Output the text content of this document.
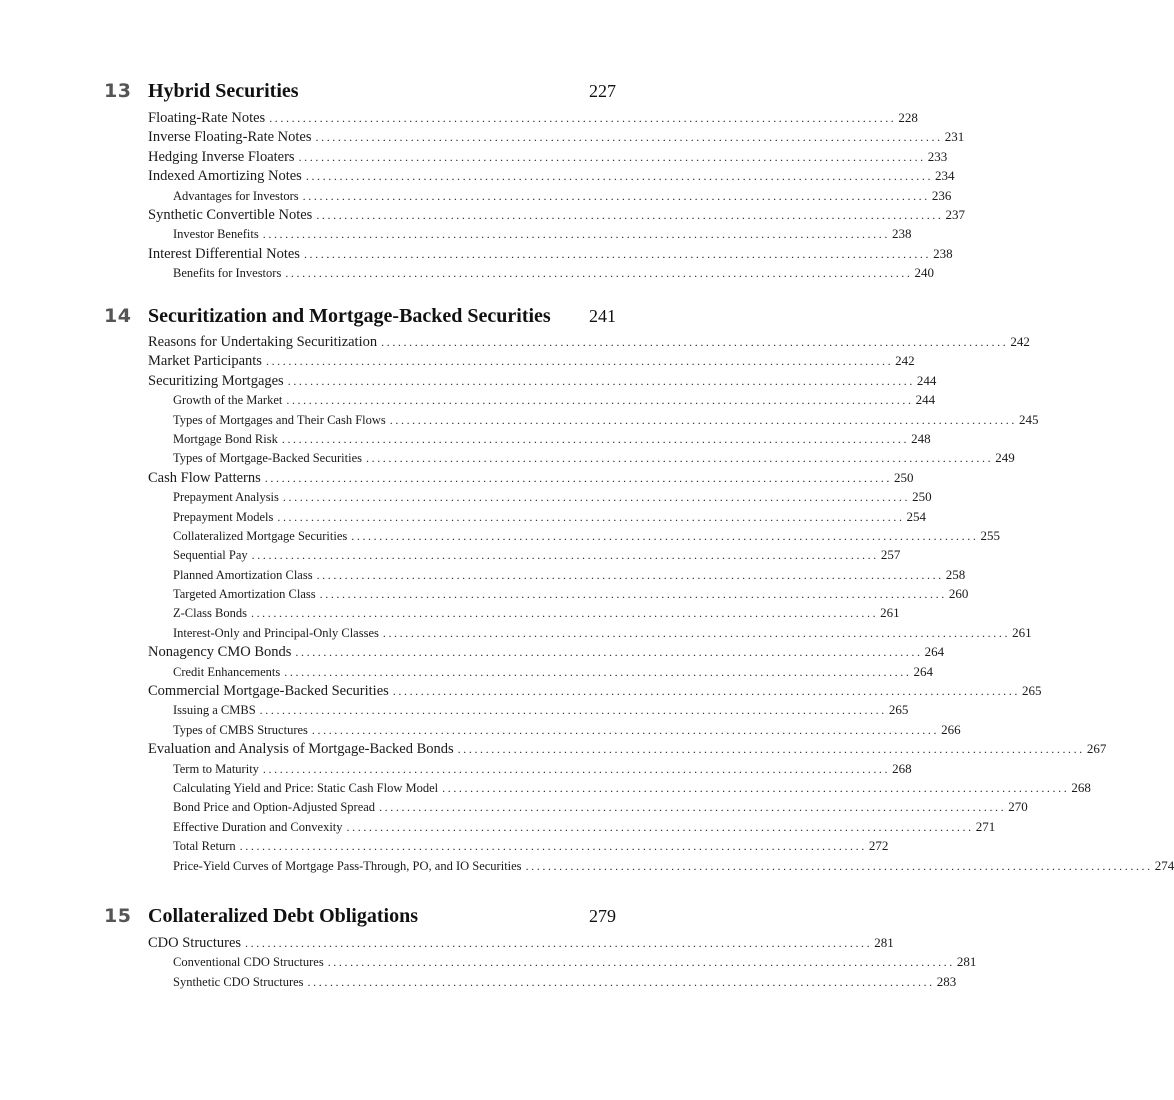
13 Hybrid Securities	227
Floating-Rate Notes ................................................................................................................ 228
Inverse Floating-Rate Notes ................................................................................................................ 231
Hedging Inverse Floaters ................................................................................................................ 233
Indexed Amortizing Notes ................................................................................................................ 234
Advantages for Investors ................................................................................................................ 236
Synthetic Convertible Notes ................................................................................................................ 237
Investor Benefits ................................................................................................................ 238
Interest Differential Notes ................................................................................................................ 238
Benefits for Investors ................................................................................................................ 240
14 Securitization and Mortgage-Backed Securities	241
Reasons for Undertaking Securitization ................................................................................................................ 242
Market Participants ................................................................................................................ 242
Securitizing Mortgages ................................................................................................................ 244
Growth of the Market ................................................................................................................ 244
Types of Mortgages and Their Cash Flows ................................................................................................................ 245
Mortgage Bond Risk ................................................................................................................ 248
Types of Mortgage-Backed Securities ................................................................................................................ 249
Cash Flow Patterns ................................................................................................................ 250
Prepayment Analysis ................................................................................................................ 250
Prepayment Models ................................................................................................................ 254
Collateralized Mortgage Securities ................................................................................................................ 255
Sequential Pay ................................................................................................................ 257
Planned Amortization Class ................................................................................................................ 258
Targeted Amortization Class ................................................................................................................ 260
Z-Class Bonds ................................................................................................................ 261
Interest-Only and Principal-Only Classes ................................................................................................................ 261
Nonagency CMO Bonds ................................................................................................................ 264
Credit Enhancements ................................................................................................................ 264
Commercial Mortgage-Backed Securities ................................................................................................................ 265
Issuing a CMBS ................................................................................................................ 265
Types of CMBS Structures ................................................................................................................ 266
Evaluation and Analysis of Mortgage-Backed Bonds ................................................................................................................ 267
Term to Maturity ................................................................................................................ 268
Calculating Yield and Price: Static Cash Flow Model ................................................................................................................ 268
Bond Price and Option-Adjusted Spread ................................................................................................................ 270
Effective Duration and Convexity ................................................................................................................ 271
Total Return ................................................................................................................ 272
Price-Yield Curves of Mortgage Pass-Through, PO, and IO Securities ................................................................................................................ 274
15 Collateralized Debt Obligations	279
CDO Structures ................................................................................................................ 281
Conventional CDO Structures ................................................................................................................ 281
Synthetic CDO Structures ................................................................................................................ 283
